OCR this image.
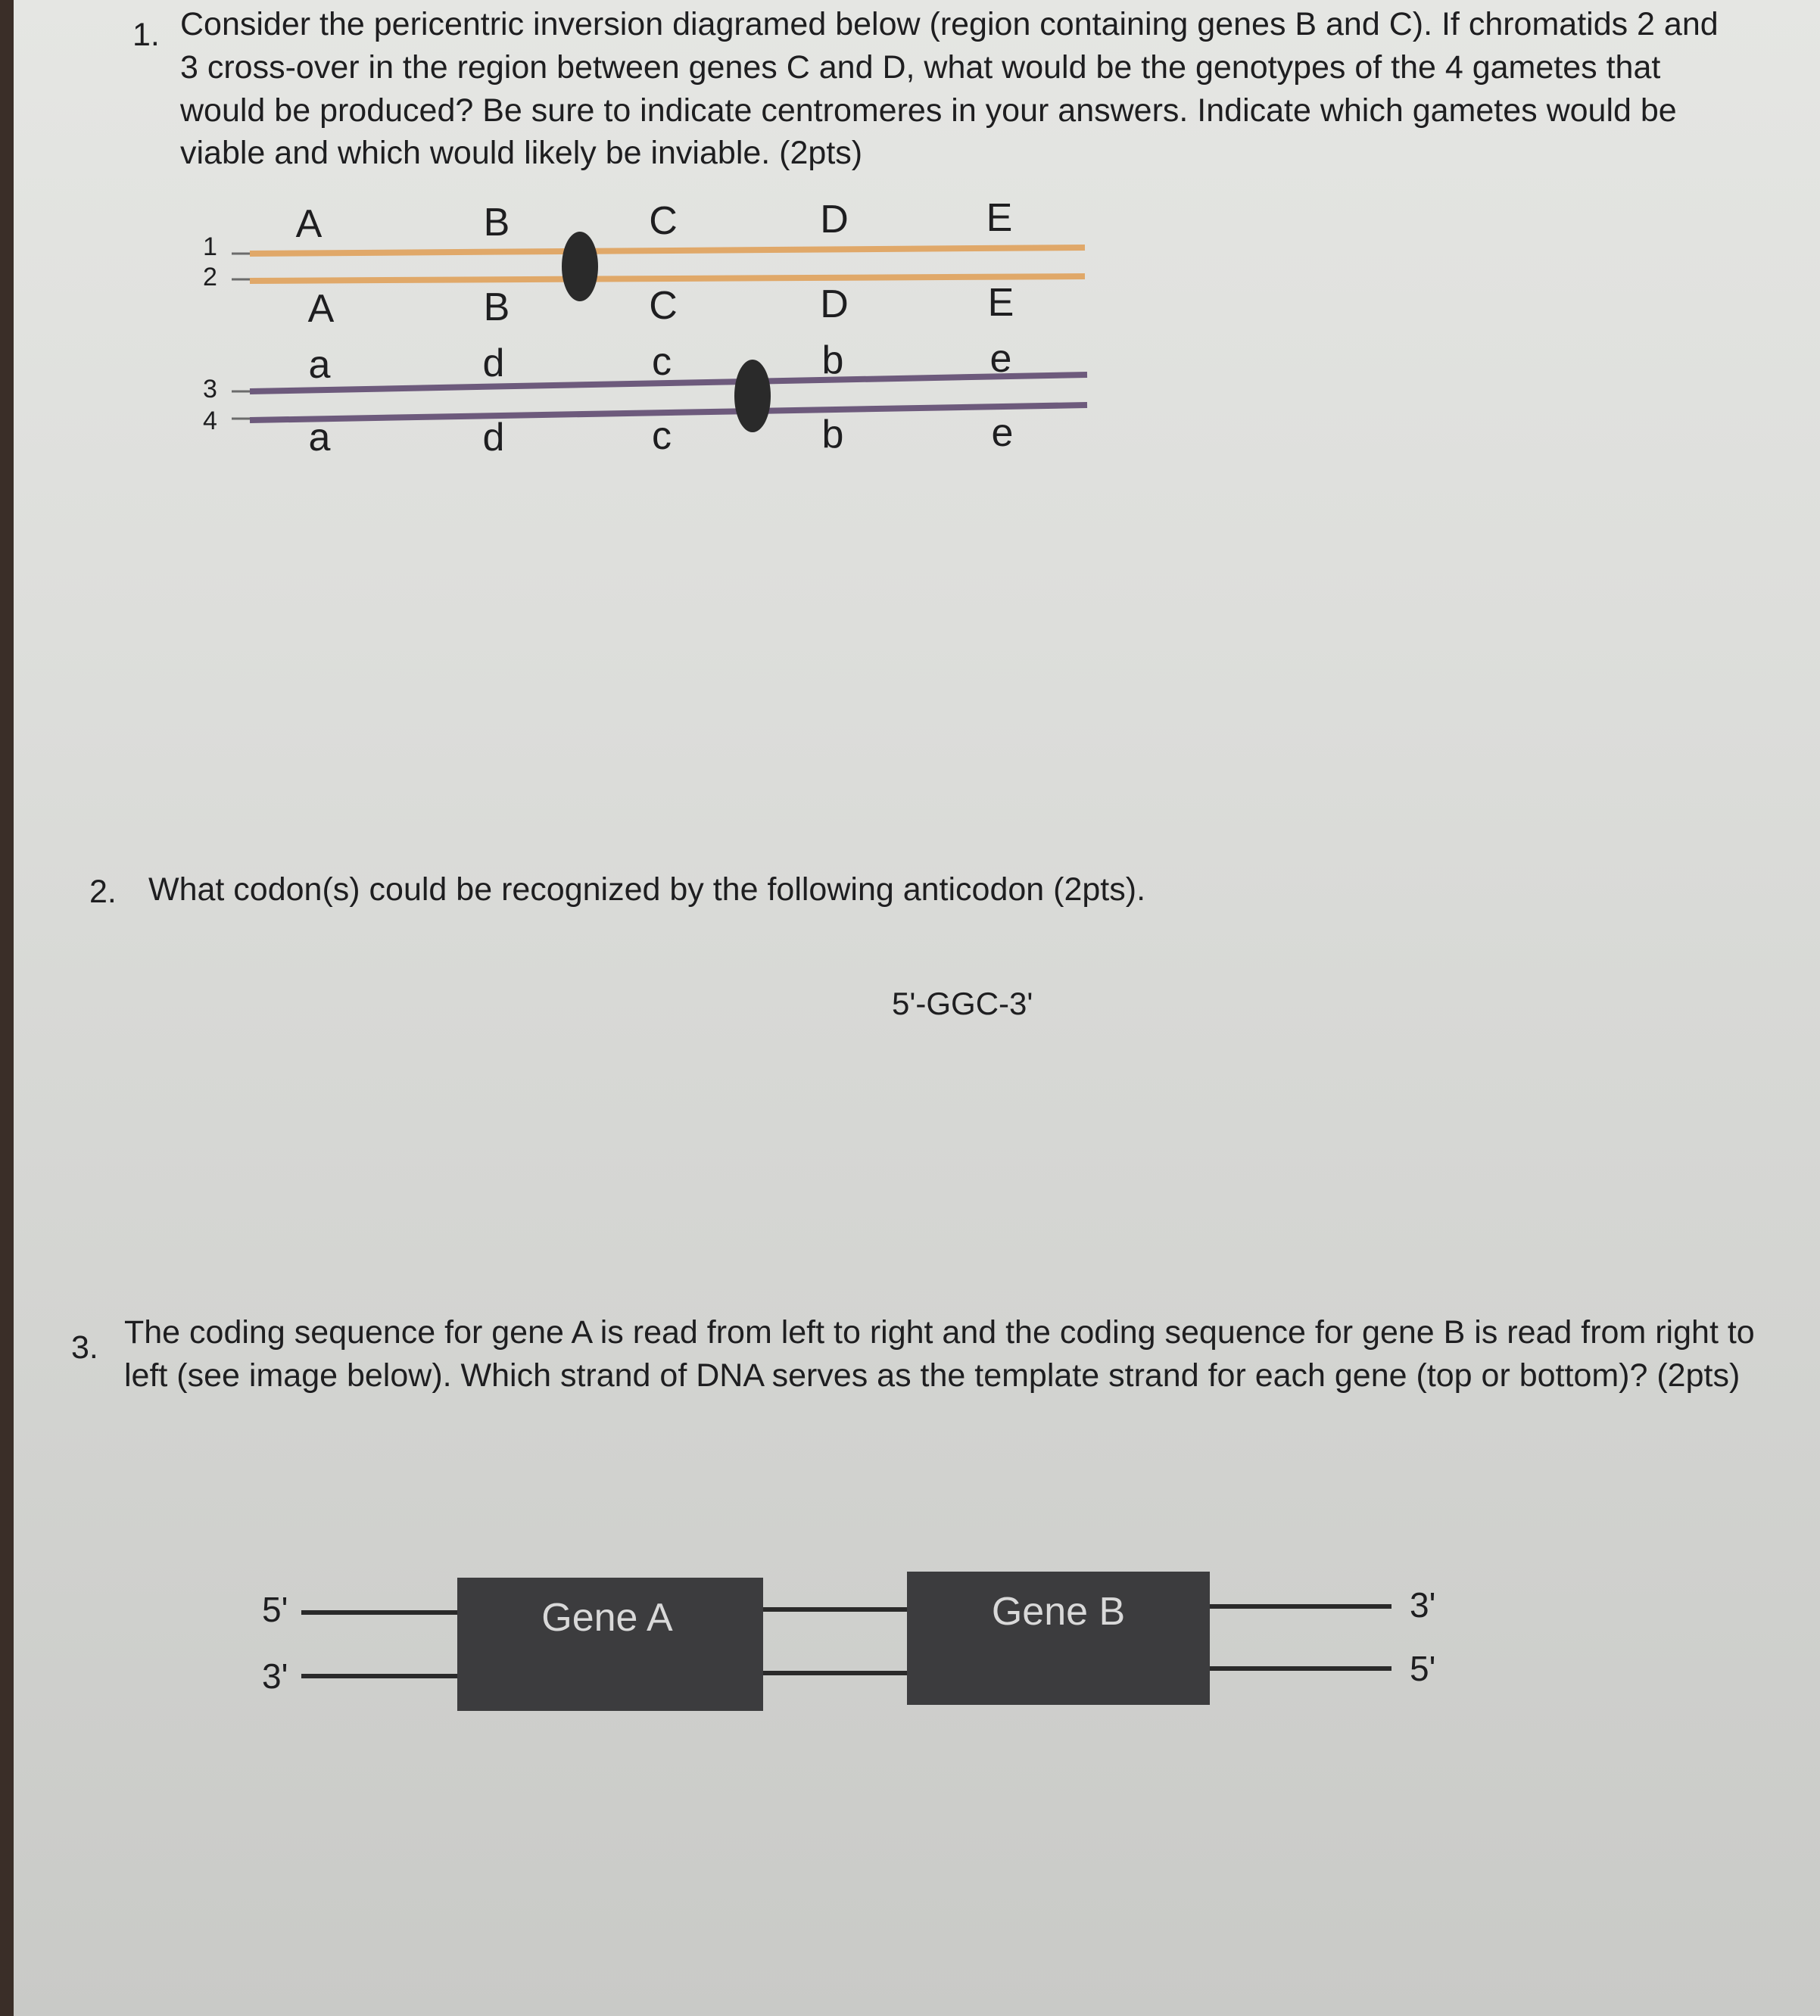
1. Consider the pericentric inversion diagramed below (region containing genes B and C). If chromatids 2 and 3 cross-over in the region between genes C and D, what would be the genotypes of the 4 gametes that would be produced? Be sure to indicate centromeres in your answers. Indicate which gametes would be viable and which would likely be inviable. (2pts)

1
2
3
4
A	B	C	D	E
A	B	C	D	E
a	d	c	b	e
a	d	c	b	e
2. What codon(s) could be recognized by the following anticodon (2pts).

5'-GGC-3'
3. The coding sequence for gene A is read from left to right and the coding sequence for gene B is read from right to left (see image below). Which strand of DNA serves as the template strand for each gene (top or bottom)? (2pts)

5'
3'
Gene A	Gene B	3'
5'
